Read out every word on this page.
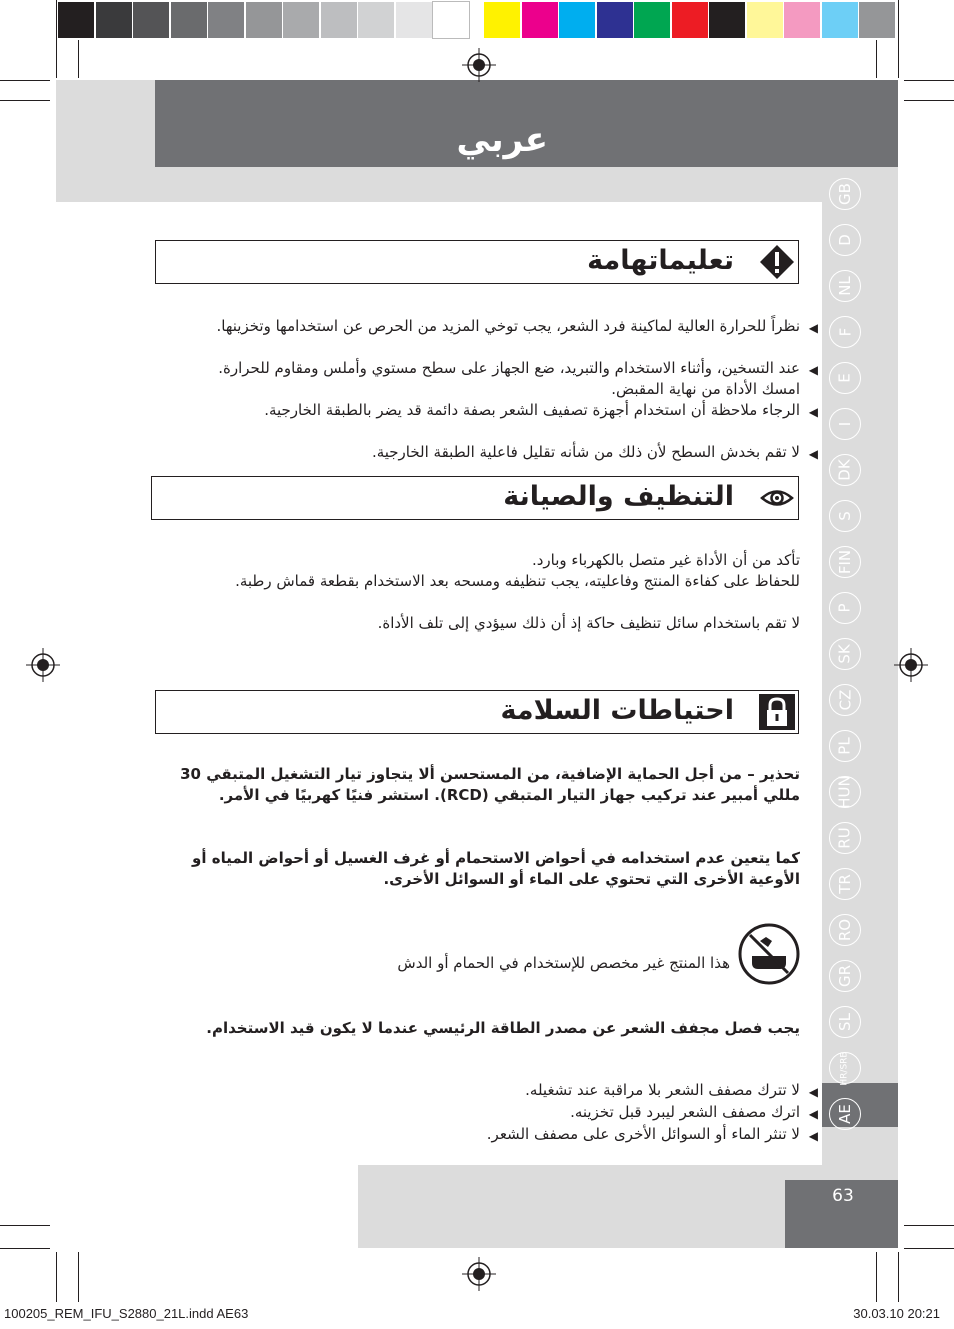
عربي
GB
D
NL
F
E
I
DK
S
FIN
P
SK
CZ
PL
HUN
RU
TR
RO
GR
SL
HR/SRB
AE
63
تعليماتهامة
◀
نظراً للحرارة العالية لماكينة فرد الشعر، يجب توخي المزيد من الحرص عن استخدامها وتخزينها.
◀
عند التسخين، وأثناء الاستخدام والتبريد، ضع الجهاز على سطح مستوي وأملس ومقاوم للحرارة. امسك الأداة من نهاية المقبض.
◀
الرجاء ملاحظة أن استخدام أجهزة تصفيف الشعر بصفة دائمة قد يضر بالطبقة الخارجية.
◀
لا تقم بخدش السطح لأن ذلك من شأنه تقليل فاعلية الطبقة الخارجية.
التنظيف والصيانة
تأكد من أن الأداة غير متصل بالكهرباء وبارد.
للحفاظ على كفاءة المنتج وفاعليته، يجب تنظيفه ومسحه بعد الاستخدام بقطعة قماش رطبة.
لا تقم باستخدام سائل تنظيف حاكة إذ أن ذلك سيؤدي إلى تلف الأداة.
احتياطات السلامة
تحذير – من أجل الحماية الإضافية، من المستحسن ألا يتجاوز تيار التشغيل المتبقي 30 مللي أمبير عند تركيب جهاز التيار المتبقي (RCD). استشر فنيًا كهربيًا في الأمر.
كما يتعين عدم استخدامه في أحواض الاستحمام أو غرف الغسيل أو أحواض المياه أو الأوعية الأخرى التي تحتوي على الماء أو السوائل الأخرى.
هذا المنتج غير مخصص للإستخدام في الحمام أو الدش
يجب فصل مجفف الشعر عن مصدر الطاقة الرئيسي عندما لا يكون قيد الاستخدام.
◀
لا تترك مصفف الشعر بلا مراقبة عند تشغيله.
◀
اترك مصفف الشعر ليبرد قبل تخزينه.
◀
لا تنثر الماء أو السوائل الأخرى على مصفف الشعر.
100205_REM_IFU_S2880_21L.indd AE63	30.03.10 20:21
